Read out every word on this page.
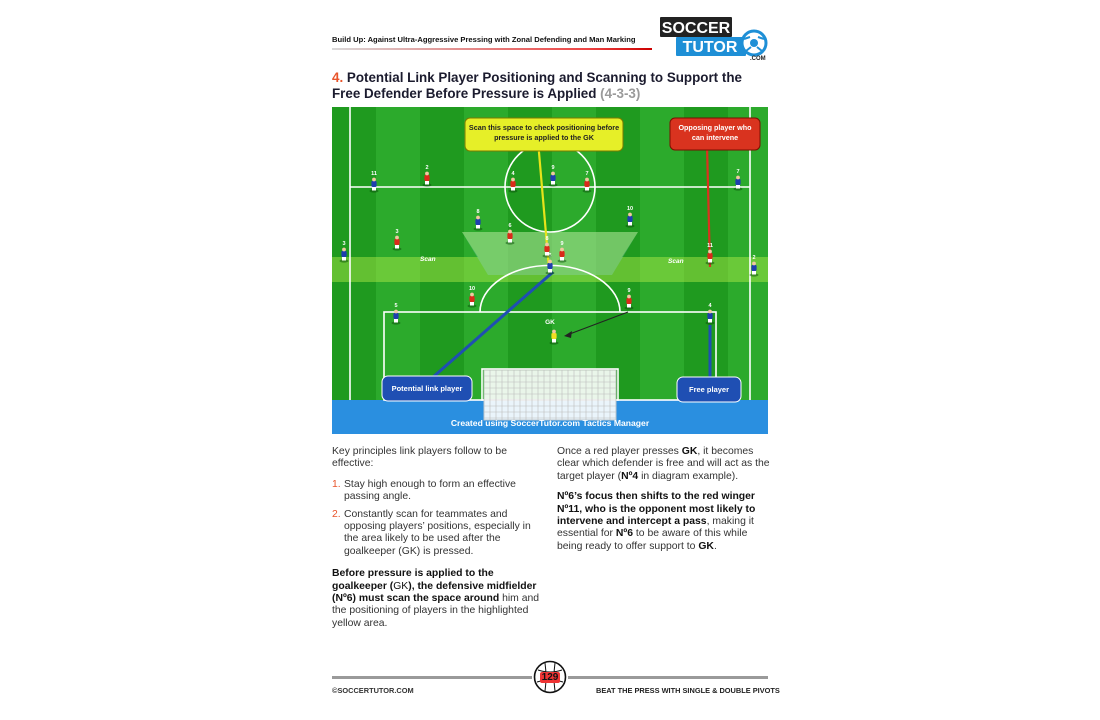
Build Up: Against Ultra-Aggressive Pressing with Zonal Defending and Man Marking
SOCCER
TUTOR
.COM
4. Potential Link Player Positioning and Scanning to Support the Free Defender Before Pressure is Applied (4-3-3)
Scan this space to check positioning before pressure is applied to the GK
Opposing player who can intervene
Scan	Scan
GK
11
8
3
5	4
2
7
9
10
2
4	7
6
8
11
10	9
9
3
Potential link player	Free player
Created using SoccerTutor.com Tactics Manager
Key principles link players follow to be effective:
1. Stay high enough to form an effective passing angle.
2. Constantly scan for teammates and opposing players’ positions, especially in the area likely to be used after the goalkeeper (GK) is pressed.
Before pressure is applied to the goalkeeper (GK), the defensive midfielder (Nº6) must scan the space around him and the positioning of players in the highlighted yellow area.
Once a red player presses GK, it becomes clear which defender is free and will act as the target player (Nº4 in diagram example).
Nº6’s focus then shifts to the red winger Nº11, who is the opponent most likely to intervene and intercept a pass, making it essential for Nº6 to be aware of this while being ready to offer support to GK.
129
©SOCCERTUTOR.COM	BEAT THE PRESS WITH SINGLE & DOUBLE PIVOTS
